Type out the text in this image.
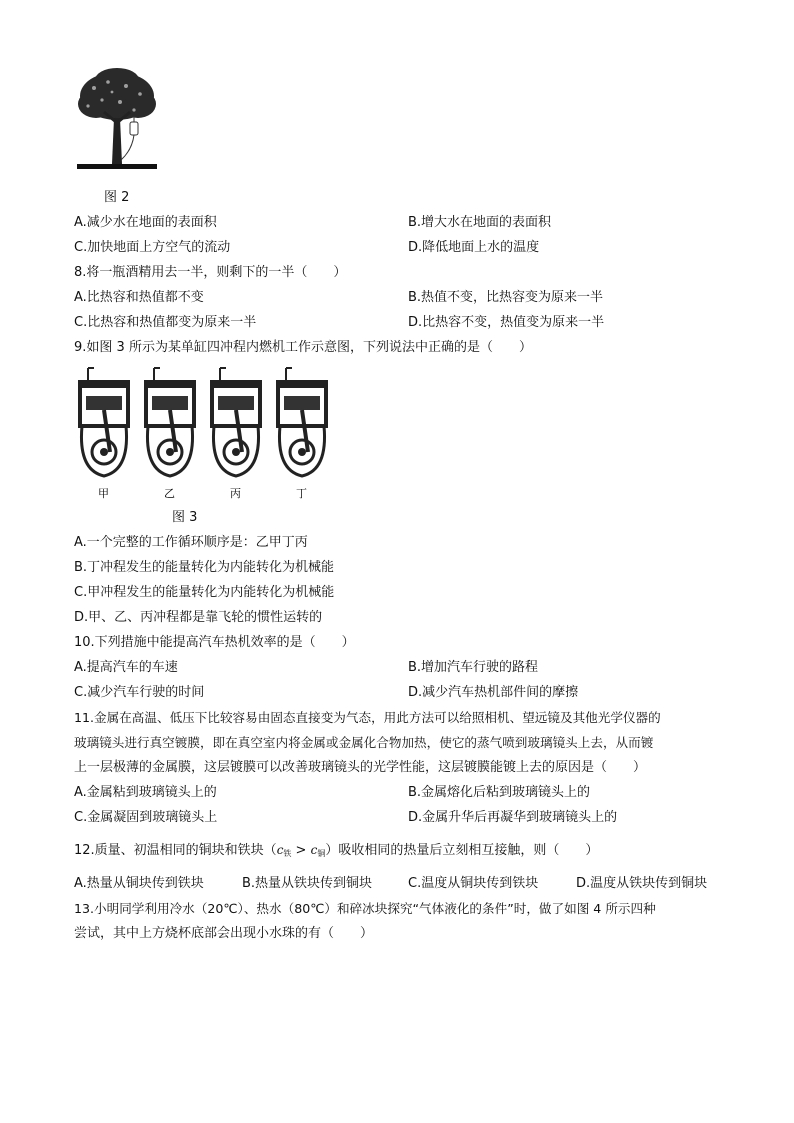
图 2
A.减少水在地面的表面积	B.增大水在地面的表面积
C.加快地面上方空气的流动	D.降低地面上水的温度
8.将一瓶酒精用去一半，则剩下的一半（　　）
A.比热容和热值都不变	B.热值不变，比热容变为原来一半
C.比热容和热值都变为原来一半	D.比热容不变，热值变为原来一半
9.如图 3 所示为某单缸四冲程内燃机工作示意图，下列说法中正确的是（　　）
甲	乙	丙	丁
图 3
A.一个完整的工作循环顺序是：乙甲丁丙
B.丁冲程发生的能量转化为内能转化为机械能
C.甲冲程发生的能量转化为内能转化为机械能
D.甲、乙、丙冲程都是靠飞轮的惯性运转的
10.下列措施中能提高汽车热机效率的是（　　）
A.提高汽车的车速	B.增加汽车行驶的路程
C.减少汽车行驶的时间	D.减少汽车热机部件间的摩擦
11.金属在高温、低压下比较容易由固态直接变为气态，用此方法可以给照相机、望远镜及其他光学仪器的
玻璃镜头进行真空镀膜，即在真空室内将金属或金属化合物加热，使它的蒸气喷到玻璃镜头上去，从而镀
上一层极薄的金属膜，这层镀膜可以改善玻璃镜头的光学性能，这层镀膜能镀上去的原因是（　　）
A.金属粘到玻璃镜头上的	B.金属熔化后粘到玻璃镜头上的
C.金属凝固到玻璃镜头上	D.金属升华后再凝华到玻璃镜头上的
12.质量、初温相同的铜块和铁块$(c_铁 > c_铜)$吸收相同的热量后立刻相互接触，则（　　）
A.热量从铜块传到铁块	B.热量从铁块传到铜块	C.温度从铜块传到铁块	D.温度从铁块传到铜块
13.小明同学利用冷水（20℃）、热水（80℃）和碎冰块探究“气体液化的条件”时，做了如图 4 所示四种
尝试，其中上方烧杯底部会出现小水珠的有（　　）
